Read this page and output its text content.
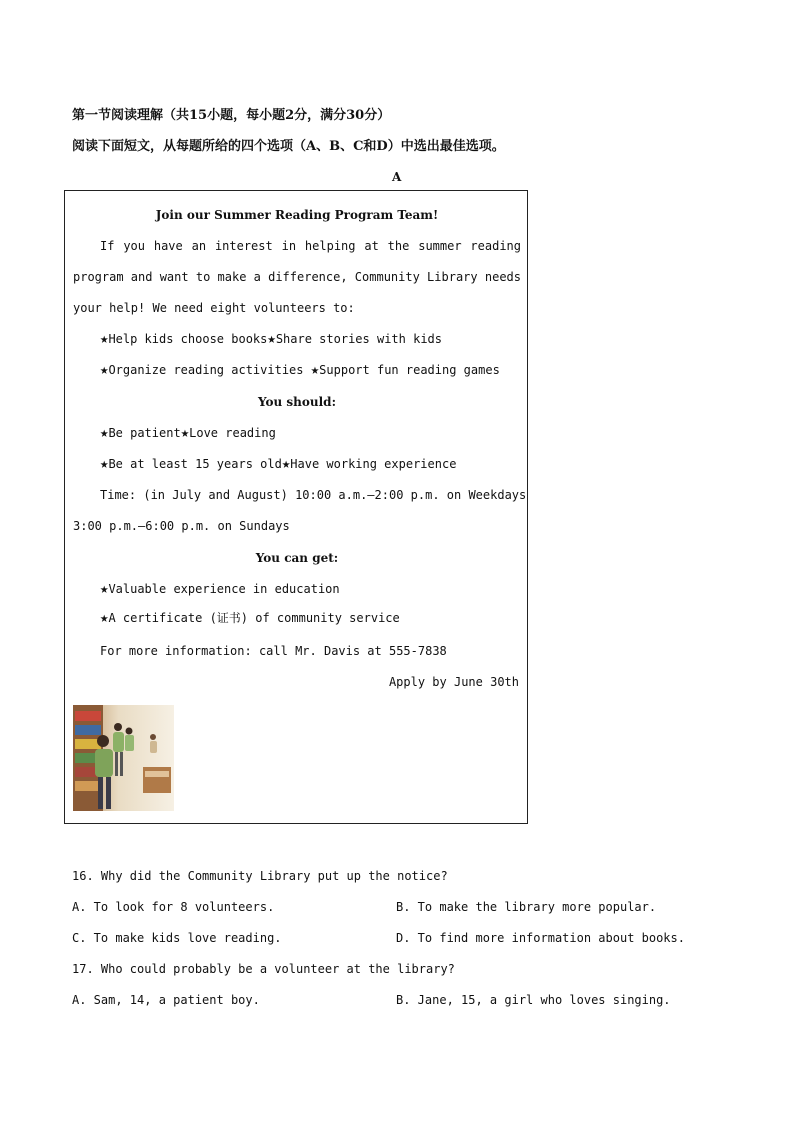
第一节阅读理解（共15小题，每小题2分，满分30分）
阅读下面短文，从每题所给的四个选项（A、B、C和D）中选出最佳选项。
A
Join our Summer Reading Program Team!
If you have an interest in helping at the summer reading
program and want to make a difference, Community Library needs
your help! We need eight volunteers to:
★Help kids choose books★Share stories with kids
★Organize reading activities ★Support fun reading games
You should:
★Be patient★Love reading
★Be at least 15 years old★Have working experience
Time: (in July and August) 10:00 a.m.—2:00 p.m. on Weekdays
3:00 p.m.—6:00 p.m. on Sundays
You can get:
★Valuable experience in education
★A certificate (证书) of community service
For more information: call Mr. Davis at 555-7838
Apply by June 30th
16. Why did the Community Library put up the notice?
A. To look for 8 volunteers.	B. To make the library more popular.
C. To make kids love reading.	D. To find more information about books.
17. Who could probably be a volunteer at the library?
A. Sam, 14, a patient boy.	B. Jane, 15, a girl who loves singing.
